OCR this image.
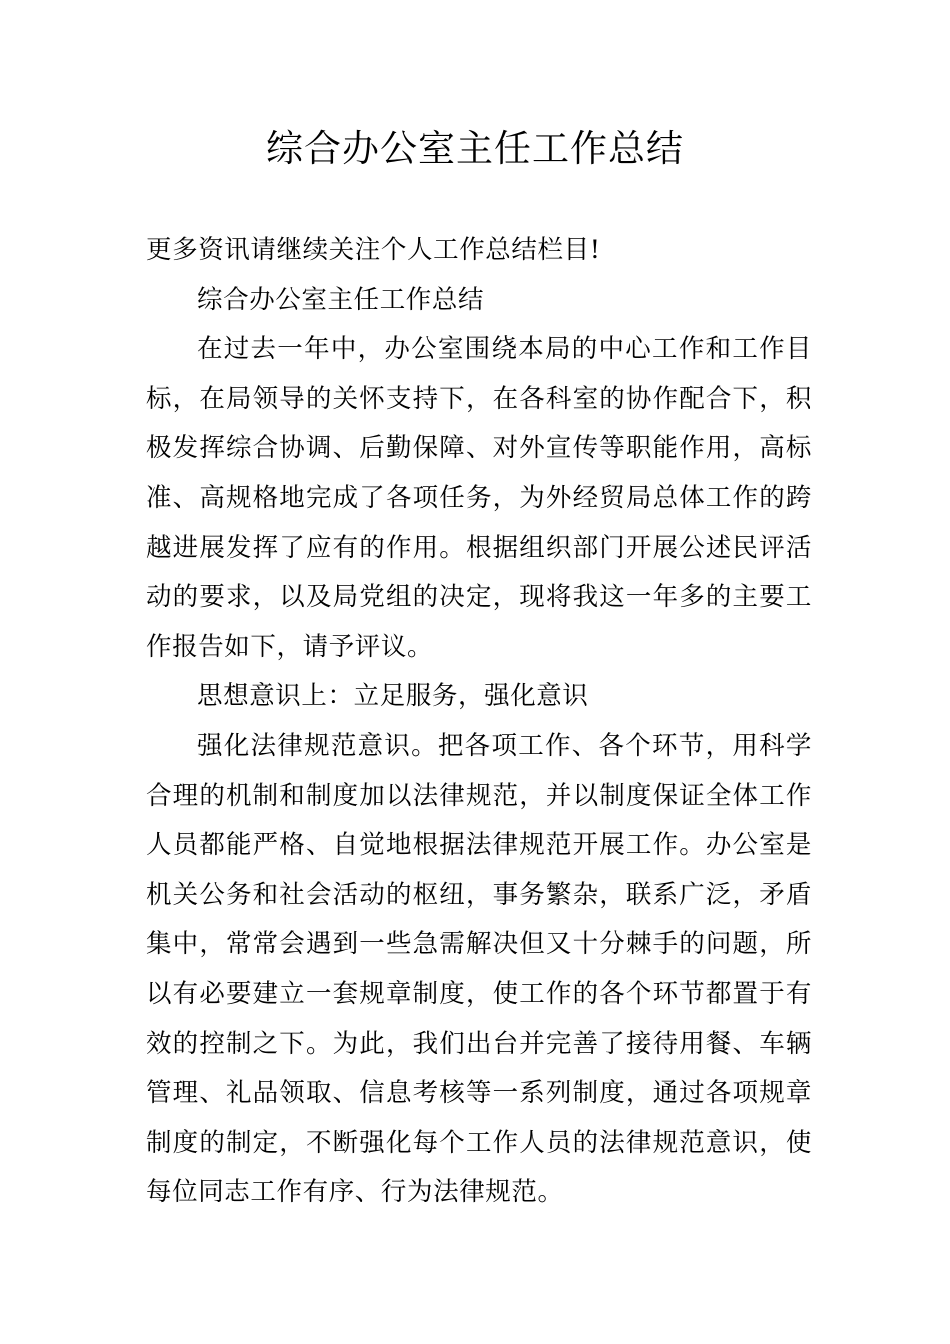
综合办公室主任工作总结

更多资讯请继续关注个人工作总结栏目!

综合办公室主任工作总结

在过去一年中，办公室围绕本局的中心工作和工作目标，在局领导的关怀支持下，在各科室的协作配合下，积极发挥综合协调、后勤保障、对外宣传等职能作用，高标准、高规格地完成了各项任务，为外经贸局总体工作的跨越进展发挥了应有的作用。根据组织部门开展公述民评活动的要求，以及局党组的决定，现将我这一年多的主要工作报告如下，请予评议。

思想意识上：立足服务，强化意识

强化法律规范意识。把各项工作、各个环节，用科学合理的机制和制度加以法律规范，并以制度保证全体工作人员都能严格、自觉地根据法律规范开展工作。办公室是机关公务和社会活动的枢纽，事务繁杂，联系广泛，矛盾集中，常常会遇到一些急需解决但又十分棘手的问题，所以有必要建立一套规章制度，使工作的各个环节都置于有效的控制之下。为此，我们出台并完善了接待用餐、车辆管理、礼品领取、信息考核等一系列制度，通过各项规章制度的制定，不断强化每个工作人员的法律规范意识，使每位同志工作有序、行为法律规范。
